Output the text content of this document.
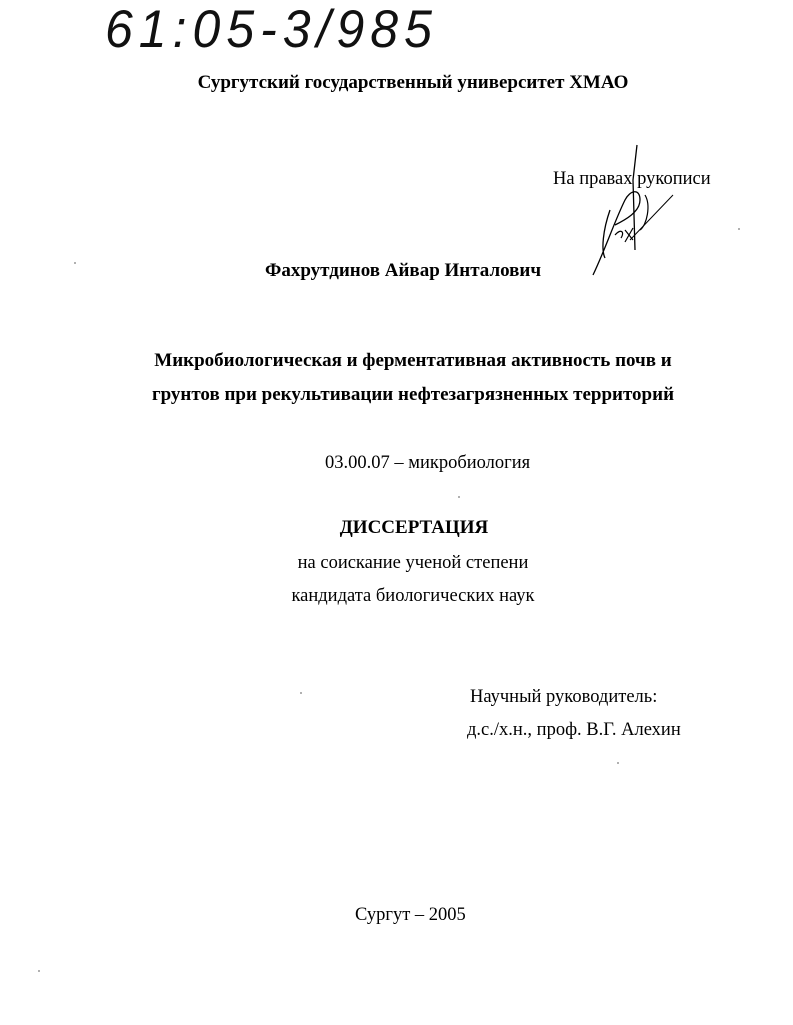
61:05-3/985
Сургутский государственный университет ХМАО
На правах рукописи
Фахрутдинов Айвар Инталович
Микробиологическая и ферментативная активность почв и
грунтов при рекультивации нефтезагрязненных территорий
03.00.07 – микробиология
ДИССЕРТАЦИЯ
на соискание ученой степени
кандидата биологических наук
Научный руководитель:
д.с./х.н., проф. В.Г. Алехин
Сургут – 2005
